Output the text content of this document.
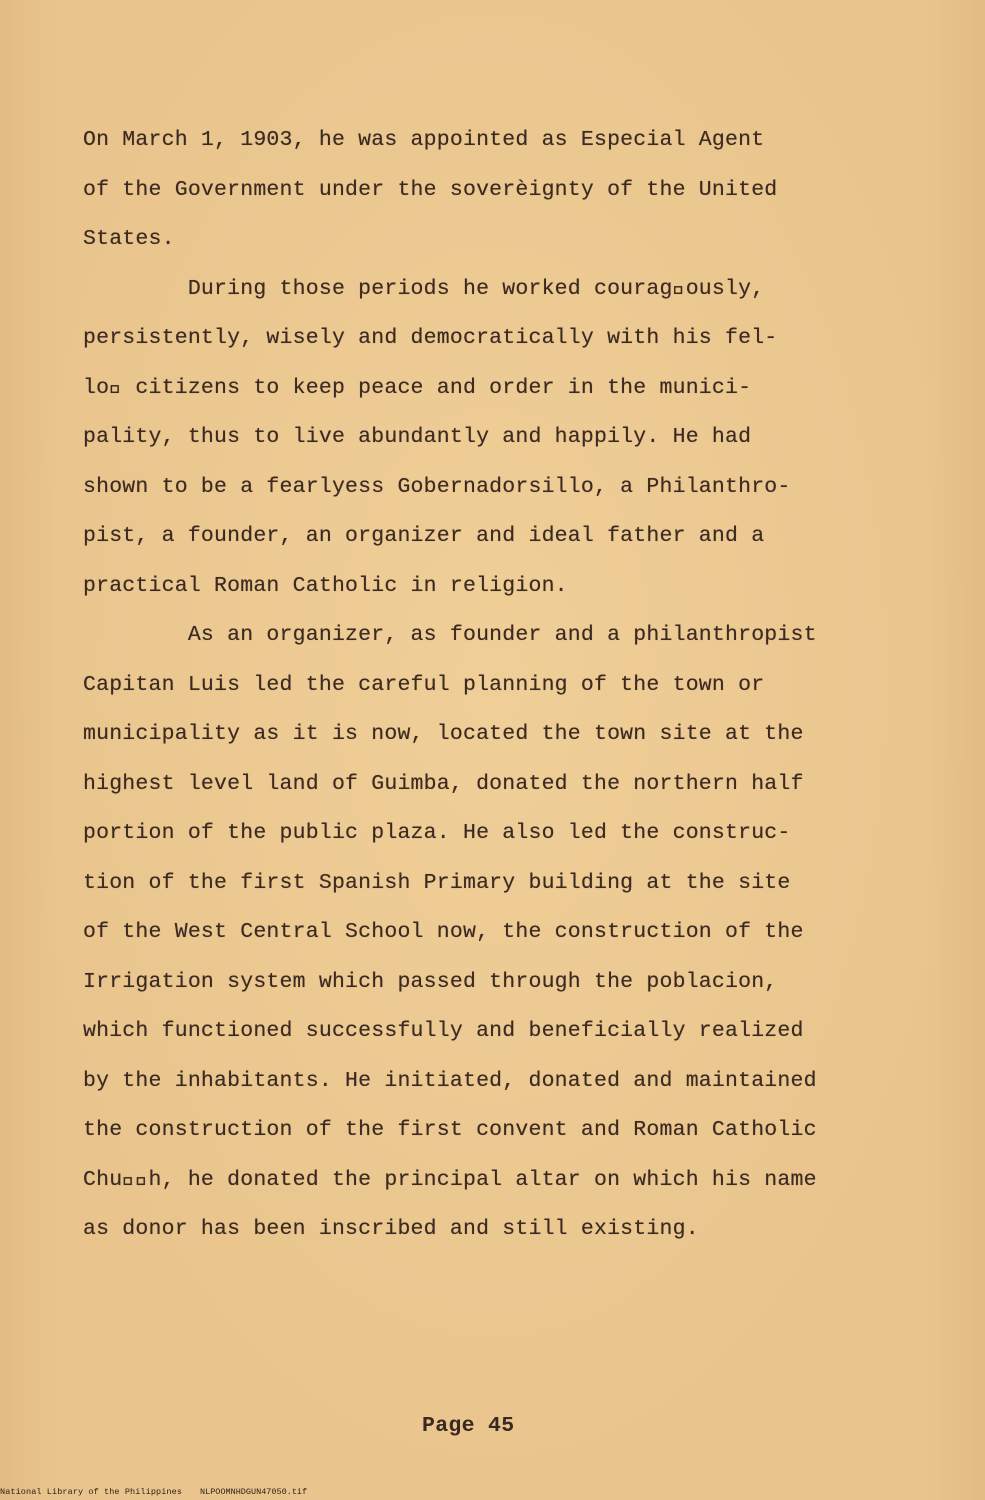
On March 1, 1903, he was appointed as Especial Agent
of the Government under the soverèignty of the United
States.
During those periods he worked courag ously,
persistently, wisely and democratically with his fel-
lo  citizens to keep peace and order in the munici-
pality, thus to live abundantly and happily. He had
shown to be a fearlyess Gobernadorsillo, a Philanthro-
pist, a founder, an organizer and ideal father and a
practical Roman Catholic in religion.
As an organizer, as founder and a philanthropist
Capitan Luis led the careful planning of the town or
municipality as it is now, located the town site at the
highest level land of Guimba, donated the northern half
portion of the public plaza. He also led the construc-
tion of the first Spanish Primary building at the site
of the West Central School now, the construction of the
Irrigation system which passed through the poblacion,
which functioned successfully and beneficially realized
by the inhabitants. He initiated, donated and maintained
the construction of the first convent and Roman Catholic
Chu  h, he donated the principal altar on which his name
as donor has been inscribed and still existing.
Page 45
National Library of the Philippines NLPOOMNHDGUN47050.tif
